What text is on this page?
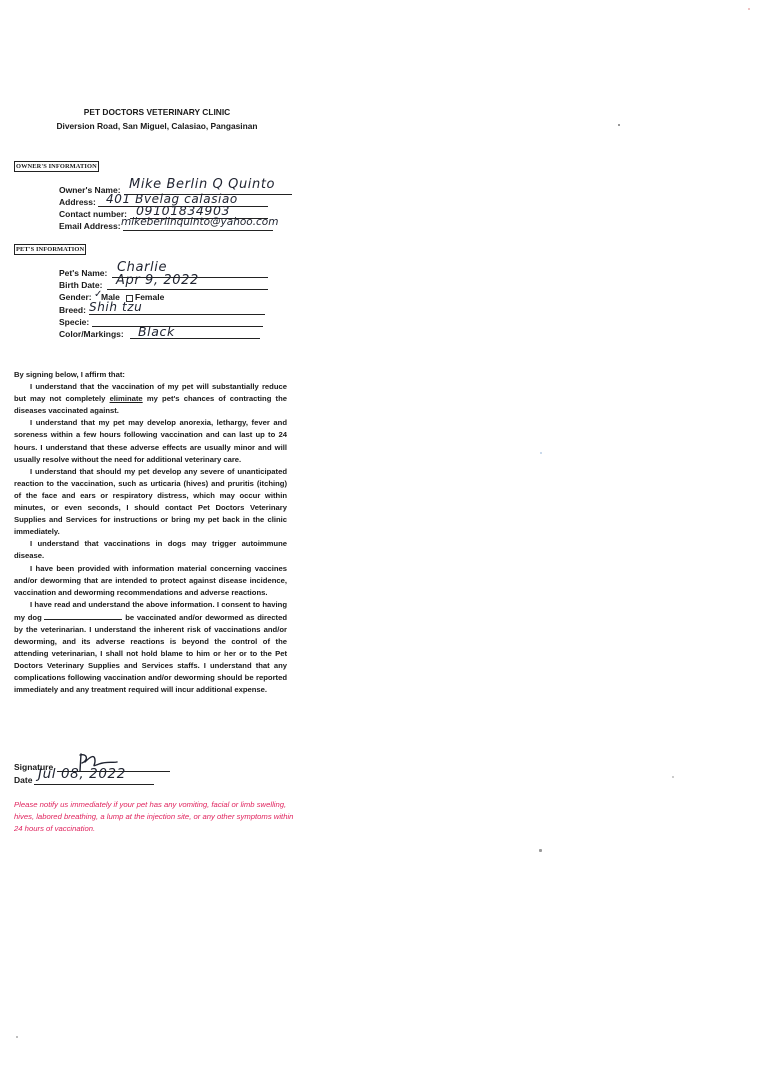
PET DOCTORS VETERINARY CLINIC
Diversion Road, San Miguel, Calasiao, Pangasinan
OWNER'S INFORMATION
Owner's Name: Mike Berlin Q Quinto
Address: 401 Bvelag calasiao
Contact number: 09101834903
Email Address: mikeberlinquinto@yahoo.com
PET'S INFORMATION
Pet's Name: Charlie
Birth Date: Apr 9, 2022
Gender: ✓
Male Female
Breed: Shih tzu
Specie:
Color/Markings: Black

By signing below, I affirm that:

I understand that the vaccination of my pet will substantially reduce but may not completely eliminate my pet's chances of contracting the diseases vaccinated against.

I understand that my pet may develop anorexia, lethargy, fever and soreness within a few hours following vaccination and can last up to 24 hours. I understand that these adverse effects are usually minor and will usually resolve without the need for additional veterinary care.

I understand that should my pet develop any severe of unanticipated reaction to the vaccination, such as urticaria (hives) and pruritis (itching) of the face and ears or respiratory distress, which may occur within minutes, or even seconds, I should contact Pet Doctors Veterinary Supplies and Services for instructions or bring my pet back in the clinic immediately.

I understand that vaccinations in dogs may trigger autoimmune disease.

I have been provided with information material concerning vaccines and/or deworming that are intended to protect against disease incidence, vaccination and deworming recommendations and adverse reactions.

I have read and understand the above information. I consent to having my dog	be vaccinated and/or dewormed as directed by the veterinarian. I understand the inherent risk of vaccinations and/or deworming, and its adverse reactions is beyond the control of the attending veterinarian, I shall not hold blame to him or her or to the Pet Doctors Veterinary Supplies and Services staffs. I understand that any complications following vaccination and/or deworming should be reported immediately and any treatment required will incur additional expense.

Signature
Date Jul 08, 2022
Please notify us immediately if your pet has any vomiting, facial or limb swelling, hives, labored breathing, a lump at the injection site, or any other symptoms within 24 hours of vaccination.
